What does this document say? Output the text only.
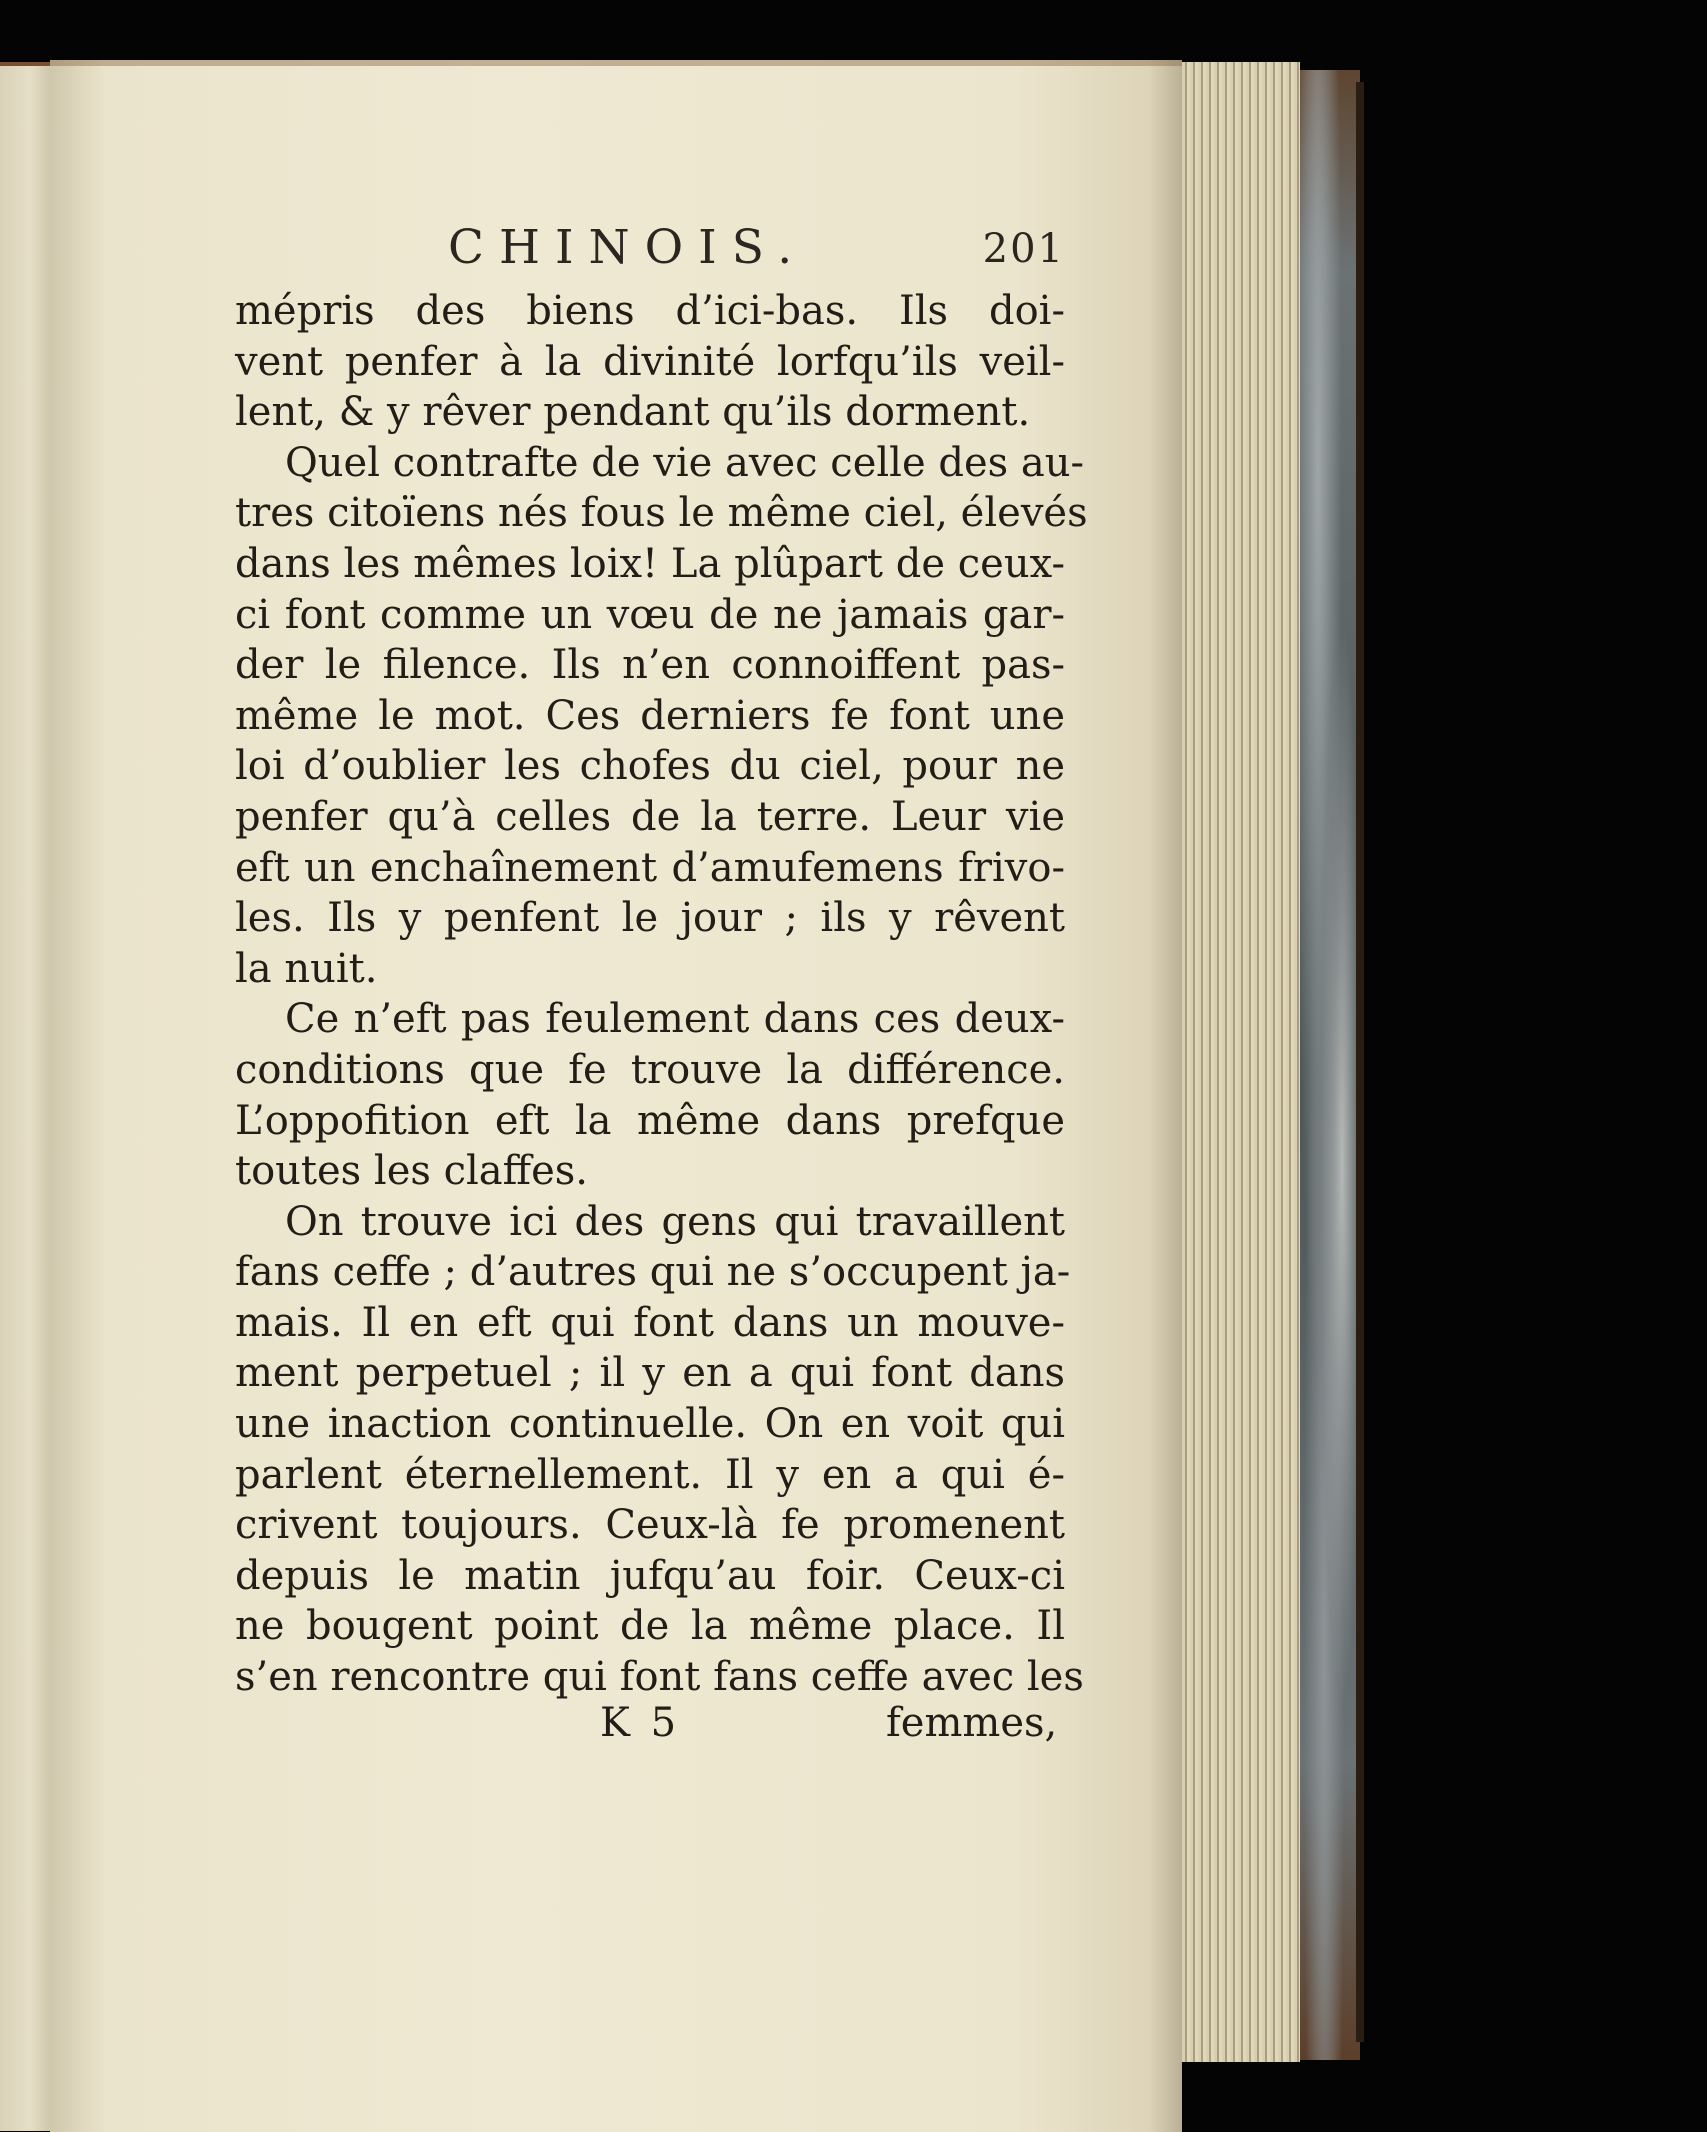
CHINOIS.	201
mépris des biens d’ici-bas. Ils doi-
vent penfer à la divinité lorfqu’ils veil-
lent, & y rêver pendant qu’ils dorment.
Quel contrafte de vie avec celle des au-
tres citoïens nés fous le même ciel, élevés
dans les mêmes loix! La plûpart de ceux-
ci font comme un vœu de ne jamais gar-
der le filence. Ils n’en connoiffent pas-
même le mot. Ces derniers fe font une
loi d’oublier les chofes du ciel, pour ne
penfer qu’à celles de la terre. Leur vie
eft un enchaînement d’amufemens frivo-
les. Ils y penfent le jour ; ils y rêvent
la nuit.
Ce n’eft pas feulement dans ces deux-
conditions que fe trouve la différence.
L’oppofition eft la même dans prefque
toutes les claffes.
On trouve ici des gens qui travaillent
fans ceffe ; d’autres qui ne s’occupent ja-
mais. Il en eft qui font dans un mouve-
ment perpetuel ; il y en a qui font dans
une inaction continuelle. On en voit qui
parlent éternellement. Il y en a qui é-
crivent toujours. Ceux-là fe promenent
depuis le matin jufqu’au foir. Ceux-ci
ne bougent point de la même place. Il
s’en rencontre qui font fans ceffe avec les
K 5	femmes,
